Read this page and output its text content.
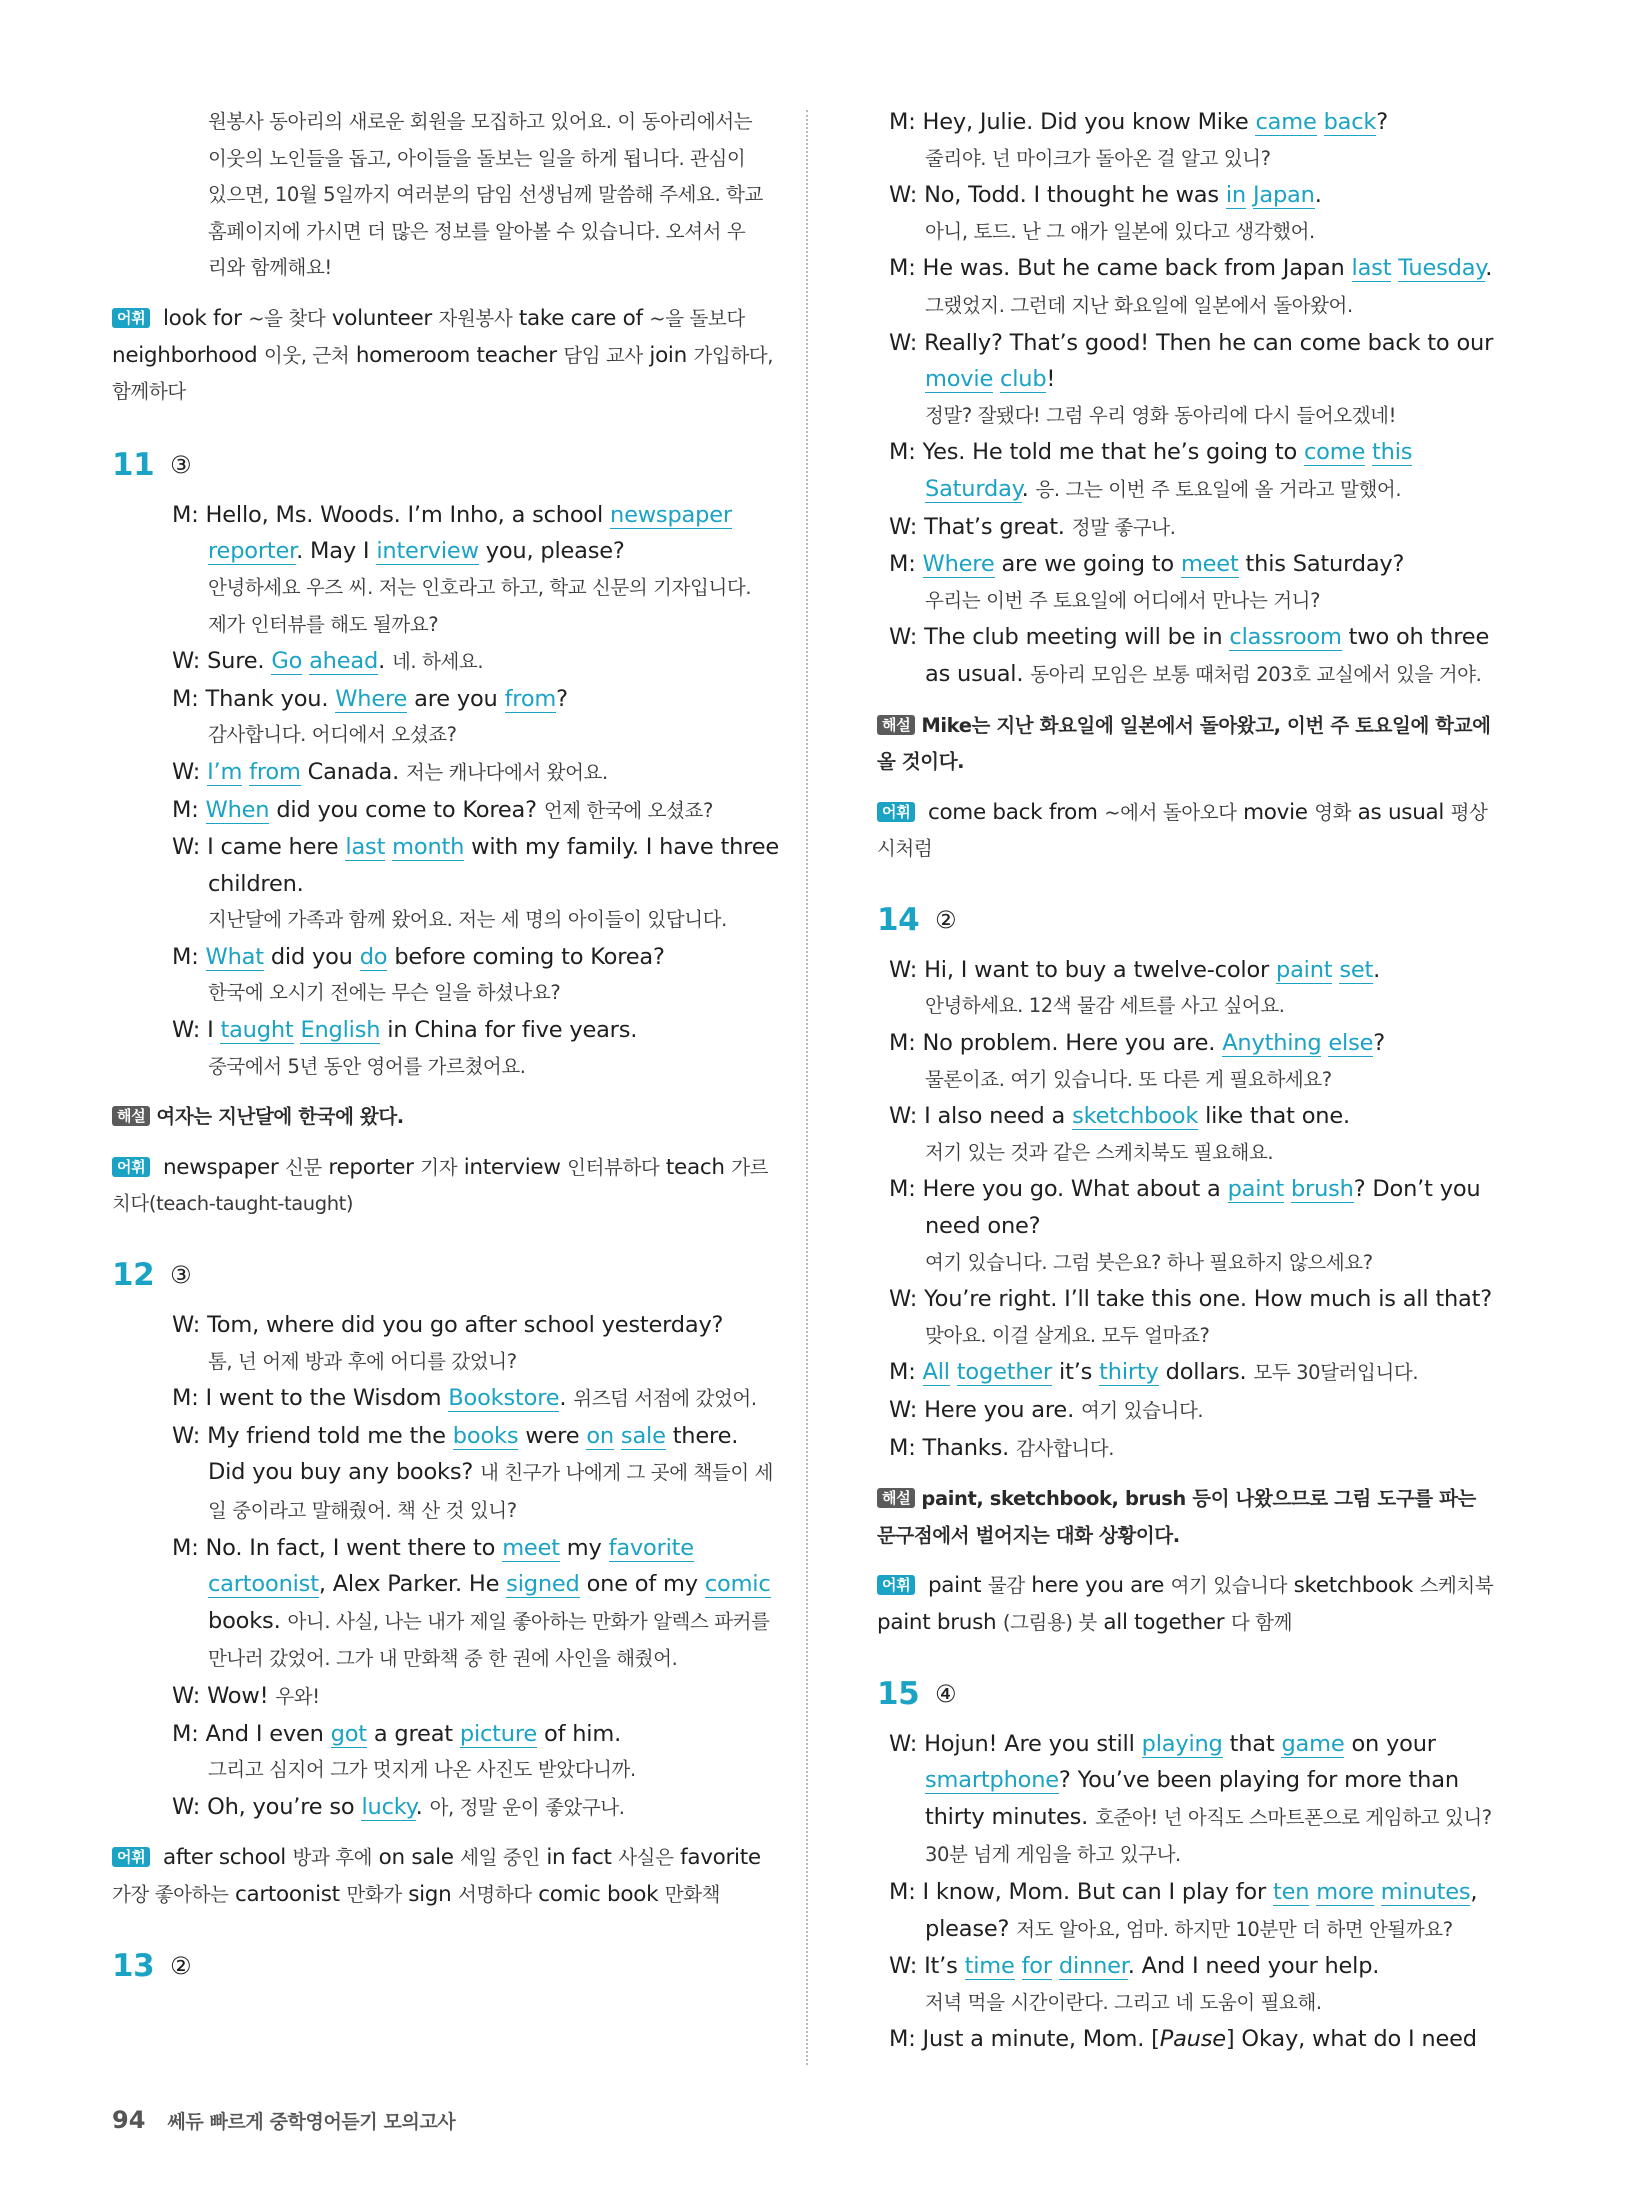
원봉사 동아리의 새로운 회원을 모집하고 있어요. 이 동아리에서는
이웃의 노인들을 돕고, 아이들을 돌보는 일을 하게 됩니다. 관심이
있으면, 10월 5일까지 여러분의 담임 선생님께 말씀해 주세요. 학교
홈페이지에 가시면 더 많은 정보를 알아볼 수 있습니다. 오셔서 우
리와 함께해요!
어휘 look for ~을 찾다 volunteer 자원봉사 take care of ~을 돌보다 neighborhood 이웃, 근처 homeroom teacher 담임 교사 join 가입하다, 함께하다
11 ③
M: Hello, Ms. Woods. I’m Inho, a school newspaper reporter. May I interview you, please?
안녕하세요 우즈 씨. 저는 인호라고 하고, 학교 신문의 기자입니다.
제가 인터뷰를 해도 될까요?
W: Sure. Go ahead. 네. 하세요.
M: Thank you. Where are you from?
감사합니다. 어디에서 오셨죠?
W: I’m from Canada. 저는 캐나다에서 왔어요.
M: When did you come to Korea? 언제 한국에 오셨죠?
W: I came here last month with my family. I have three children.
지난달에 가족과 함께 왔어요. 저는 세 명의 아이들이 있답니다.
M: What did you do before coming to Korea?
한국에 오시기 전에는 무슨 일을 하셨나요?
W: I taught English in China for five years.
중국에서 5년 동안 영어를 가르쳤어요.
해설 여자는 지난달에 한국에 왔다.
어휘 newspaper 신문 reporter 기자 interview 인터뷰하다 teach 가르치다(teach-taught-taught)
12 ③
W: Tom, where did you go after school yesterday?
톰, 넌 어제 방과 후에 어디를 갔었니?
M: I went to the Wisdom Bookstore. 위즈덤 서점에 갔었어.
W: My friend told me the books were on sale there. Did you buy any books? 내 친구가 나에게 그 곳에 책들이 세일 중이라고 말해줬어. 책 산 것 있니?
M: No. In fact, I went there to meet my favorite cartoonist, Alex Parker. He signed one of my comic books. 아니. 사실, 나는 내가 제일 좋아하는 만화가 알렉스 파커를 만나러 갔었어. 그가 내 만화책 중 한 권에 사인을 해줬어.
W: Wow! 우와!
M: And I even got a great picture of him.
그리고 심지어 그가 멋지게 나온 사진도 받았다니까.
W: Oh, you’re so lucky. 아, 정말 운이 좋았구나.
어휘 after school 방과 후에 on sale 세일 중인 in fact 사실은 favorite 가장 좋아하는 cartoonist 만화가 sign 서명하다 comic book 만화책
13 ②
M: Hey, Julie. Did you know Mike came back?
줄리야. 넌 마이크가 돌아온 걸 알고 있니?
W: No, Todd. I thought he was in Japan.
아니, 토드. 난 그 애가 일본에 있다고 생각했어.
M: He was. But he came back from Japan last Tuesday. 그랬었지. 그런데 지난 화요일에 일본에서 돌아왔어.
W: Really? That’s good! Then he can come back to our movie club!
정말? 잘됐다! 그럼 우리 영화 동아리에 다시 들어오겠네!
M: Yes. He told me that he’s going to come this Saturday. 응. 그는 이번 주 토요일에 올 거라고 말했어.
W: That’s great. 정말 좋구나.
M: Where are we going to meet this Saturday?
우리는 이번 주 토요일에 어디에서 만나는 거니?
W: The club meeting will be in classroom two oh three as usual. 동아리 모임은 보통 때처럼 203호 교실에서 있을 거야.
해설 Mike는 지난 화요일에 일본에서 돌아왔고, 이번 주 토요일에 학교에 올 것이다.
어휘 come back from ~에서 돌아오다 movie 영화 as usual 평상시처럼
14 ②
W: Hi, I want to buy a twelve-color paint set.
안녕하세요. 12색 물감 세트를 사고 싶어요.
M: No problem. Here you are. Anything else?
물론이죠. 여기 있습니다. 또 다른 게 필요하세요?
W: I also need a sketchbook like that one.
저기 있는 것과 같은 스케치북도 필요해요.
M: Here you go. What about a paint brush? Don’t you need one?
여기 있습니다. 그럼 붓은요? 하나 필요하지 않으세요?
W: You’re right. I’ll take this one. How much is all that?
맞아요. 이걸 살게요. 모두 얼마죠?
M: All together it’s thirty dollars. 모두 30달러입니다.
W: Here you are. 여기 있습니다.
M: Thanks. 감사합니다.
해설 paint, sketchbook, brush 등이 나왔으므로 그림 도구를 파는 문구점에서 벌어지는 대화 상황이다.
어휘 paint 물감 here you are 여기 있습니다 sketchbook 스케치북 paint brush (그림용) 붓 all together 다 함께
15 ④
W: Hojun! Are you still playing that game on your smartphone? You’ve been playing for more than thirty minutes. 호준아! 넌 아직도 스마트폰으로 게임하고 있니? 30분 넘게 게임을 하고 있구나.
M: I know, Mom. But can I play for ten more minutes, please? 저도 알아요, 엄마. 하지만 10분만 더 하면 안될까요?
W: It’s time for dinner. And I need your help.
저녁 먹을 시간이란다. 그리고 네 도움이 필요해.
M: Just a minute, Mom. [Pause] Okay, what do I need
94 쎄듀 빠르게 중학영어듣기 모의고사
